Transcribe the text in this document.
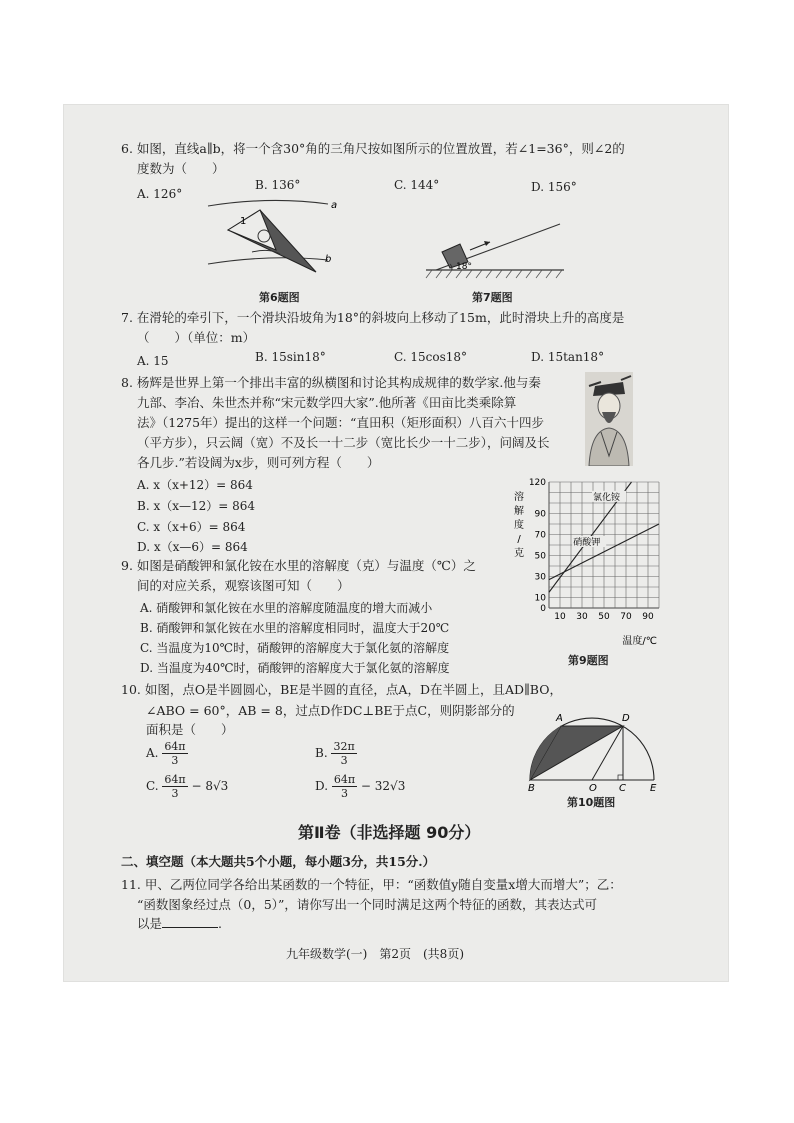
6. 如图，直线a∥b，将一个含30°角的三角尺按如图所示的位置放置，若∠1=36°，则∠2的
度数为（　　）
A. 126°
B. 136°	C. 144°	D. 156°
1
a
b
第6题图
18°
第7题图
7. 在滑轮的牵引下，一个滑块沿坡角为18°的斜坡向上移动了15m，此时滑块上升的高度是
（　　）（单位：m）
A. 15	B. 15sin18°	C. 15cos18°	D. 15tan18°
8. 杨辉是世界上第一个排出丰富的纵横图和讨论其构成规律的数学家.他与秦
九部、李冶、朱世杰并称“宋元数学四大家”.他所著《田亩比类乘除算
法》（1275年）提出的这样一个问题：“直田积（矩形面积）八百六十四步
（平方步），只云阔（宽）不及长一十二步（宽比长少一十二步），问阔及长
各几步.”若设阔为x步，则可列方程（　　）
A. x（x+12）= 864
B. x（x—12）= 864
C. x（x+6）= 864
D. x（x—6）= 864
0
10
30
50
70
90
120
10 30 50 70 90
硝酸钾
氯化铵
溶
解
度
/
克
温度/℃
第9题图
9. 如图是硝酸钾和氯化铵在水里的溶解度（克）与温度（℃）之
间的对应关系，观察该图可知（　　）
A. 硝酸钾和氯化铵在水里的溶解度随温度的增大而减小
B. 硝酸钾和氯化铵在水里的溶解度相同时，温度大于20℃
C. 当温度为10℃时，硝酸钾的溶解度大于氯化氨的溶解度
D. 当温度为40℃时，硝酸钾的溶解度大于氯化氨的溶解度
10. 如图，点O是半圆圆心，BE是半圆的直径，点A，D在半圆上，且AD∥BO，
∠ABO = 60°，AB = 8，过点D作DC⊥BE于点C，则阴影部分的
面积是（　　）
A. $\frac{64\pi}{3}$	B. $\frac{32\pi}{3}$
C. $\frac{64\pi}{3} - 8√3$	D. $\frac{64\pi}{3} - 32√3$
A	D
B	O C E
第10题图
第Ⅱ卷（非选择题 90分）
二、填空题（本大题共5个小题，每小题3分，共15分.）
11. 甲、乙两位同学各给出某函数的一个特征，甲：“函数值y随自变量x增大而增大”；乙：
“函数图象经过点（0，5）”，请你写出一个同时满足这两个特征的函数，其表达式可
以是	.
九年级数学(一)　第2页　(共8页)
